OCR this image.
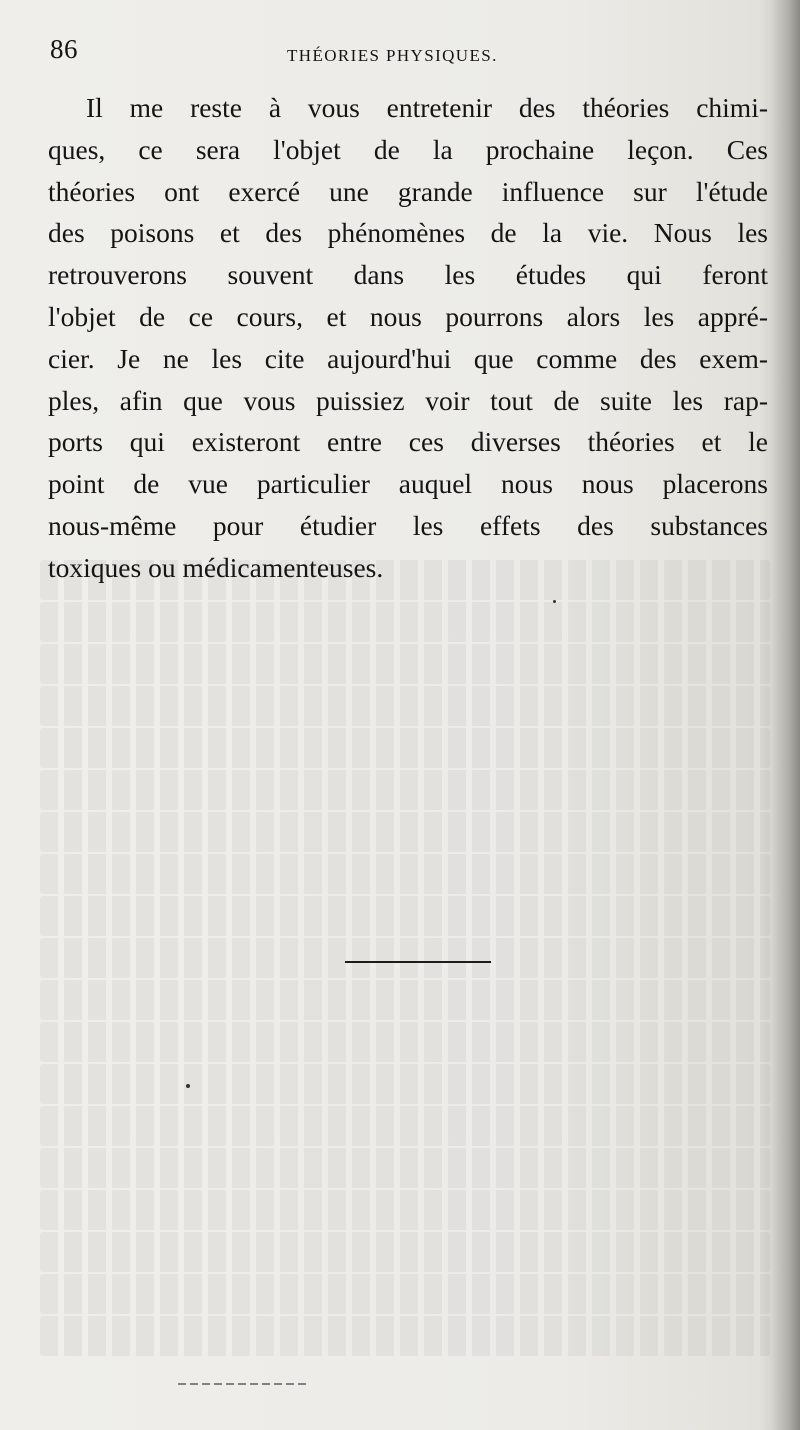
86	THÉORIES PHYSIQUES.
Il me reste à vous entretenir des théories chimi-
ques, ce sera l'objet de la prochaine leçon. Ces
théories ont exercé une grande influence sur l'étude
des poisons et des phénomènes de la vie. Nous les
retrouverons souvent dans les études qui feront
l'objet de ce cours, et nous pourrons alors les appré-
cier. Je ne les cite aujourd'hui que comme des exem-
ples, afin que vous puissiez voir tout de suite les rap-
ports qui existeront entre ces diverses théories et le
point de vue particulier auquel nous nous placerons
nous-même pour étudier les effets des substances
toxiques ou médicamenteuses.
